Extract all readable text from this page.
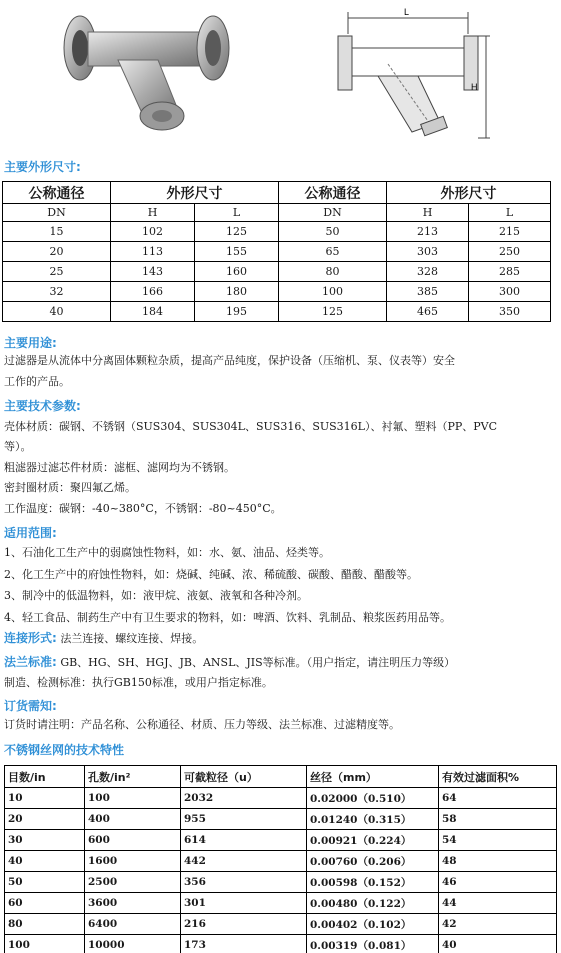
L
H
主要外形尺寸:
公称通径	外形尺寸		公称通径	外形尺寸	
DN	H	L	DN	H	L
15	102	125	50	213	215
20	113	155	65	303	250
25	143	160	80	328	285
32	166	180	100	385	300
40	184	195	125	465	350
主要用途:
过滤器是从流体中分离固体颗粒杂质，提高产品纯度，保护设备（压缩机、泵、仪表等）安全
工作的产品。
主要技术参数:
壳体材质：碳钢、不锈钢（SUS304、SUS304L、SUS316、SUS316L）、衬氟、塑料（PP、PVC
等）。
粗滤器过滤芯件材质：滤框、滤网均为不锈钢。
密封圈材质：聚四氟乙烯。
工作温度：碳钢：-40~380°C，不锈钢：-80~450°C。
适用范围:
1、石油化工生产中的弱腐蚀性物料，如：水、氨、油品、烃类等。
2、化工生产中的府蚀性物料，如：烧碱、纯碱、浓、稀硫酸、碳酸、醋酸、醋酸等。
3、制冷中的低温物料，如：液甲烷、液氨、液氧和各种冷剂。
4、轻工食品、制药生产中有卫生要求的物料，如：啤酒、饮料、乳制品、粮浆医药用品等。
连接形式: 法兰连接、螺纹连接、焊接。
法兰标准: GB、HG、SH、HGJ、JB、ANSL、JIS等标准。（用户指定，请注明压力等级）
制造、检测标准：执行GB150标准，或用户指定标准。
订货需知:
订货时请注明：产品名称、公称通径、材质、压力等级、法兰标准、过滤精度等。
不锈钢丝网的技术特性
目数/in	孔数/in²	可截粒径（u）	丝径（mm）	有效过滤面积%
10	100	2032	0.02000（0.510）	64
20	400	955	0.01240（0.315）	58
30	600	614	0.00921（0.224）	54
40	1600	442	0.00760（0.206）	48
50	2500	356	0.00598（0.152）	46
60	3600	301	0.00480（0.122）	44
80	6400	216	0.00402（0.102）	42
100	10000	173	0.00319（0.081）	40
